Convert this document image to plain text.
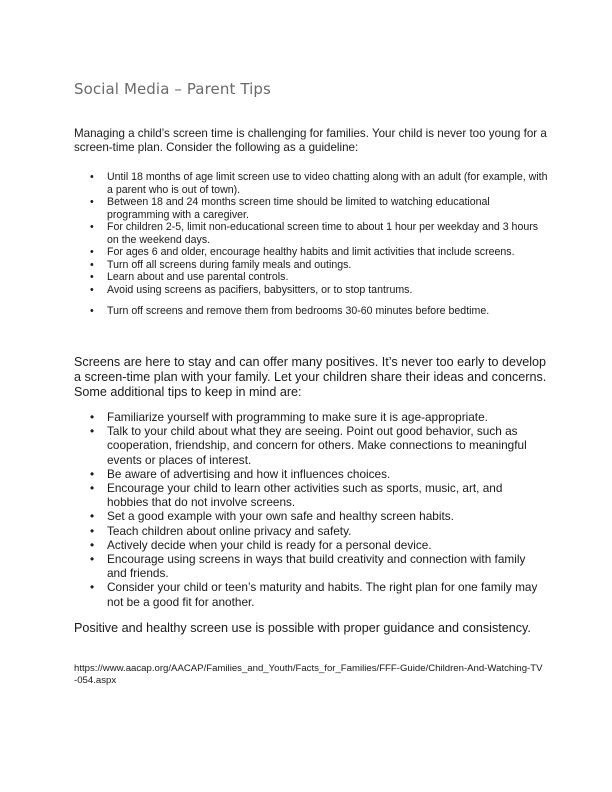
Social Media – Parent Tips

Managing a child’s screen time is challenging for families. Your child is never too young for a screen-time plan. Consider the following as a guideline:

• Until 18 months of age limit screen use to video chatting along with an adult (for example, with a parent who is out of town).
• Between 18 and 24 months screen time should be limited to watching educational programming with a caregiver.
• For children 2-5, limit non-educational screen time to about 1 hour per weekday and 3 hours on the weekend days.
• For ages 6 and older, encourage healthy habits and limit activities that include screens.
• Turn off all screens during family meals and outings.
• Learn about and use parental controls.
• Avoid using screens as pacifiers, babysitters, or to stop tantrums.
• Turn off screens and remove them from bedrooms 30-60 minutes before bedtime.

Screens are here to stay and can offer many positives. It’s never too early to develop a screen-time plan with your family. Let your children share their ideas and concerns. Some additional tips to keep in mind are:

• Familiarize yourself with programming to make sure it is age-appropriate.
• Talk to your child about what they are seeing. Point out good behavior, such as cooperation, friendship, and concern for others. Make connections to meaningful events or places of interest.
• Be aware of advertising and how it influences choices.
• Encourage your child to learn other activities such as sports, music, art, and hobbies that do not involve screens.
• Set a good example with your own safe and healthy screen habits.
• Teach children about online privacy and safety.
• Actively decide when your child is ready for a personal device.
• Encourage using screens in ways that build creativity and connection with family and friends.
• Consider your child or teen’s maturity and habits. The right plan for one family may not be a good fit for another.

Positive and healthy screen use is possible with proper guidance and consistency.

https://www.aacap.org/AACAP/Families_and_Youth/Facts_for_Families/FFF-Guide/Children-And-Watching-TV-054.aspx
